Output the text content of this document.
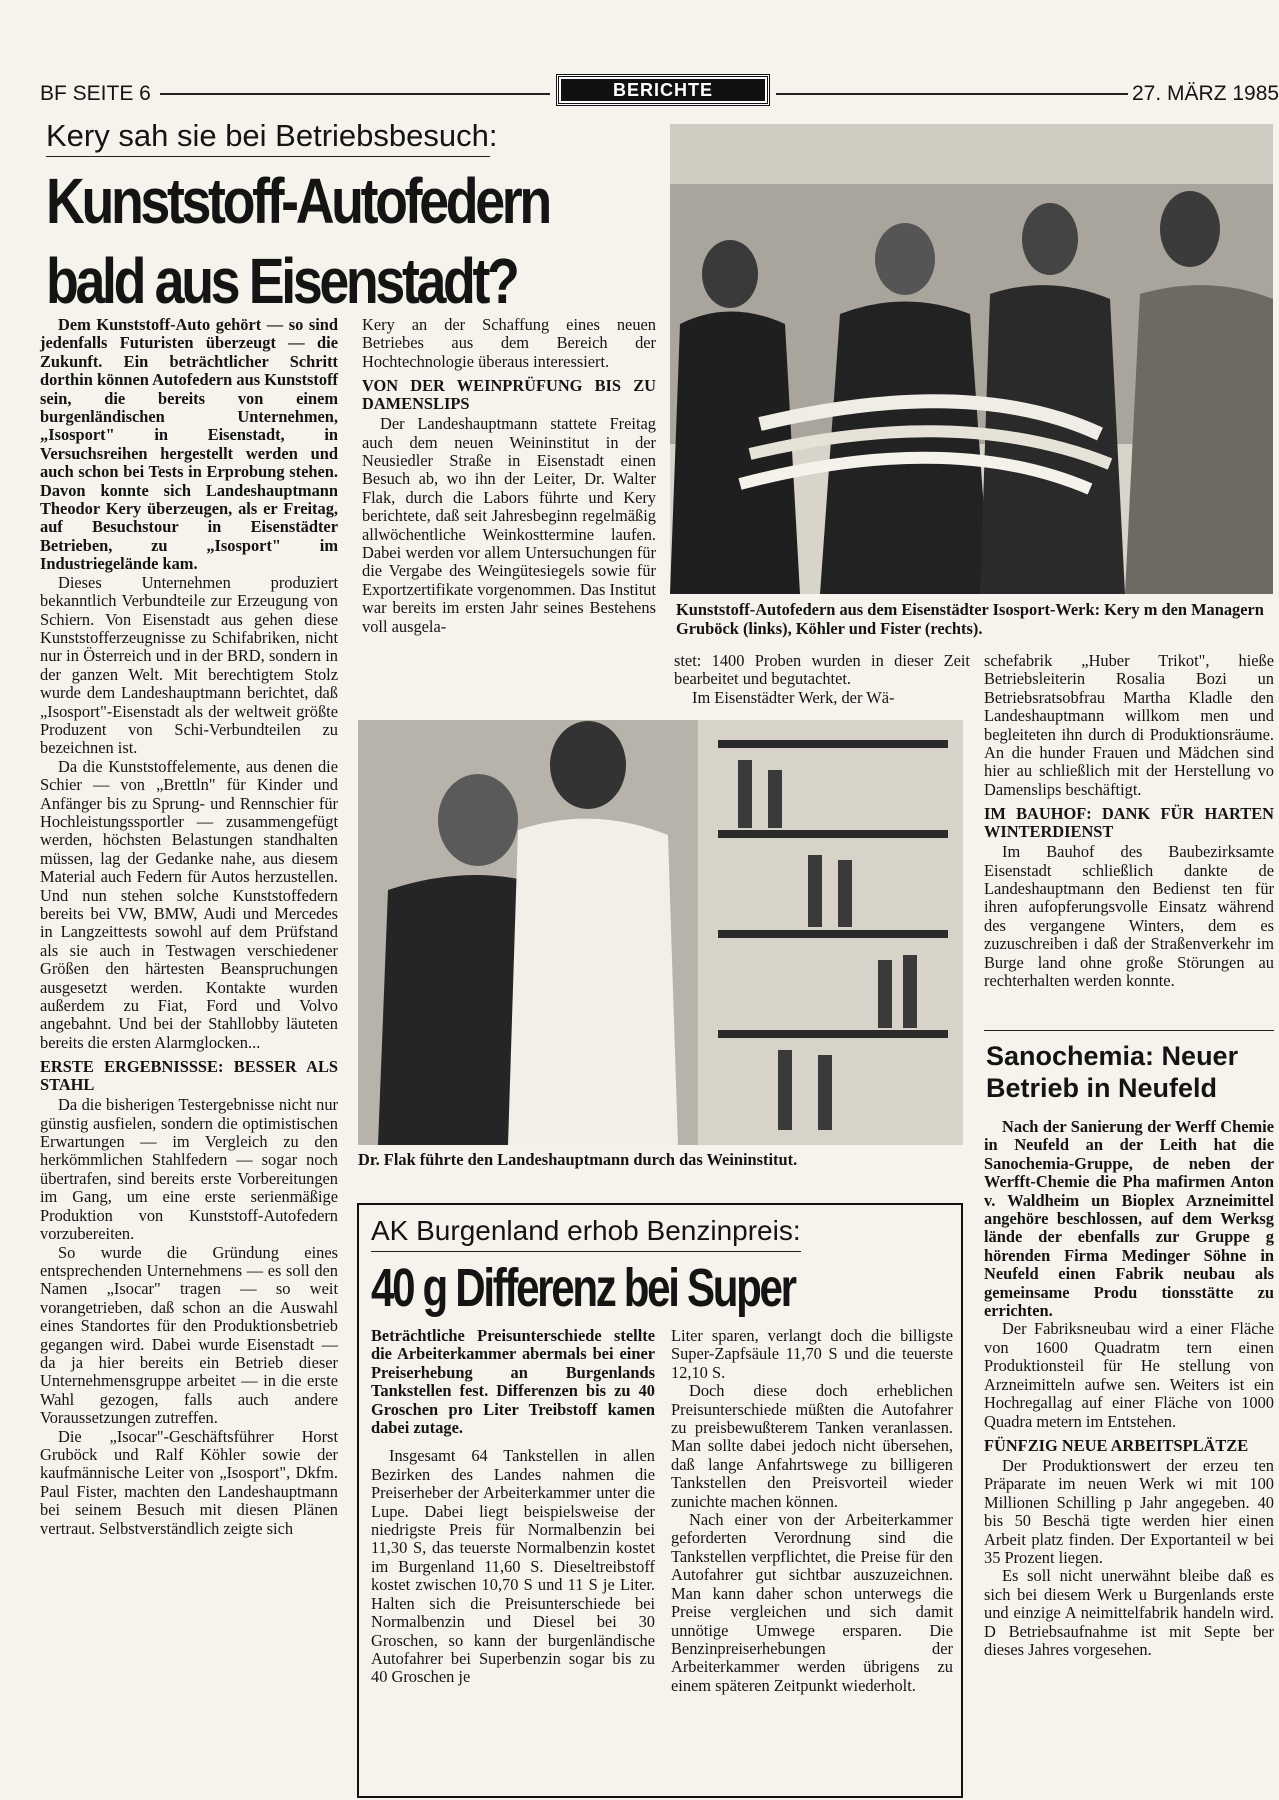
BF SEITE 6	BERICHTE	27. MÄRZ 1985
Kery sah sie bei Betriebsbesuch:
Kunststoff-Autofedern
bald aus Eisenstadt?

Dem Kunststoff-Auto gehört — so sind jedenfalls Futuristen überzeugt — die Zukunft. Ein beträchtlicher Schritt dorthin können Autofedern aus Kunststoff sein, die bereits von einem burgenländischen Unternehmen, „Isosport" in Eisenstadt, in Versuchsreihen hergestellt werden und auch schon bei Tests in Erprobung stehen. Davon konnte sich Landeshauptmann Theodor Kery überzeugen, als er Freitag, auf Besuchstour in Eisenstädter Betrieben, zu „Isosport" im Industriegelände kam.

Dieses Unternehmen produziert bekanntlich Verbundteile zur Erzeugung von Schiern. Von Eisenstadt aus gehen diese Kunststofferzeugnisse zu Schifabriken, nicht nur in Österreich und in der BRD, sondern in der ganzen Welt. Mit berechtigtem Stolz wurde dem Landeshauptmann berichtet, daß „Isosport"-Eisenstadt als der weltweit größte Produzent von Schi-Verbundteilen zu bezeichnen ist.

Da die Kunststoffelemente, aus denen die Schier — von „Brettln" für Kinder und Anfänger bis zu Sprung- und Rennschier für Hochleistungssportler — zusammengefügt werden, höchsten Belastungen standhalten müssen, lag der Gedanke nahe, aus diesem Material auch Federn für Autos herzustellen. Und nun stehen solche Kunststoffedern bereits bei VW, BMW, Audi und Mercedes in Langzeittests sowohl auf dem Prüfstand als sie auch in Testwagen verschiedener Größen den härtesten Beanspruchungen ausgesetzt werden. Kontakte wurden außerdem zu Fiat, Ford und Volvo angebahnt. Und bei der Stahllobby läuteten bereits die ersten Alarmglocken...

ERSTE ERGEBNISSSE: BESSER ALS STAHL

Da die bisherigen Testergebnisse nicht nur günstig ausfielen, sondern die optimistischen Erwartungen — im Vergleich zu den herkömmlichen Stahlfedern — sogar noch übertrafen, sind bereits erste Vorbereitungen im Gang, um eine erste serienmäßige Produktion von Kunststoff-Autofedern vorzubereiten.

So wurde die Gründung eines entsprechenden Unternehmens — es soll den Namen „Isocar" tragen — so weit vorangetrieben, daß schon an die Auswahl eines Standortes für den Produktionsbetrieb gegangen wird. Dabei wurde Eisenstadt — da ja hier bereits ein Betrieb dieser Unternehmensgruppe arbeitet — in die erste Wahl gezogen, falls auch andere Voraussetzungen zutreffen.

Die „Isocar"-Geschäftsführer Horst Gruböck und Ralf Köhler sowie der kaufmännische Leiter von „Isosport", Dkfm. Paul Fister, machten den Landeshauptmann bei seinem Besuch mit diesen Plänen vertraut. Selbstverständlich zeigte sich

Kery an der Schaffung eines neuen Betriebes aus dem Bereich der Hochtechnologie überaus interessiert.

VON DER WEINPRÜFUNG BIS ZU DAMENSLIPS

Der Landeshauptmann stattete Freitag auch dem neuen Weininstitut in der Neusiedler Straße in Eisenstadt einen Besuch ab, wo ihn der Leiter, Dr. Walter Flak, durch die Labors führte und Kery berichtete, daß seit Jahresbeginn regelmäßig allwöchentliche Weinkosttermine laufen. Dabei werden vor allem Untersuchungen für die Vergabe des Weingütesiegels sowie für Exportzertifikate vorgenommen. Das Institut war bereits im ersten Jahr seines Bestehens voll ausgela-

Kunststoff-Autofedern aus dem Eisenstädter Isosport-Werk: Kery m den Managern Gruböck (links), Köhler und Fister (rechts).

stet: 1400 Proben wurden in dieser Zeit bearbeitet und begutachtet.

Im Eisenstädter Werk, der Wä-

Dr. Flak führte den Landeshauptmann durch das Weininstitut.

schefabrik „Huber Trikot", hieße Betriebsleiterin Rosalia Bozi un Betriebsratsobfrau Martha Kladle den Landeshauptmann willkom men und begleiteten ihn durch di Produktionsräume. An die hunder Frauen und Mädchen sind hier au schließlich mit der Herstellung vo Damenslips beschäftigt.

IM BAUHOF: DANK FÜR HARTEN WINTERDIENST

Im Bauhof des Baubezirksamte Eisenstadt schließlich dankte de Landeshauptmann den Bedienst ten für ihren aufopferungsvolle Einsatz während des vergangene Winters, dem es zuzuschreiben i daß der Straßenverkehr im Burge land ohne große Störungen au rechterhalten werden konnte.

Sanochemia: Neuer Betrieb in Neufeld

Nach der Sanierung der Werff Chemie in Neufeld an der Leith hat die Sanochemia-Gruppe, de neben der Werfft-Chemie die Pha mafirmen Anton v. Waldheim un Bioplex Arzneimittel angehöre beschlossen, auf dem Werksg lände der ebenfalls zur Gruppe g hörenden Firma Medinger Söhne in Neufeld einen Fabrik neubau als gemeinsame Produ tionsstätte zu errichten.

Der Fabriksneubau wird a einer Fläche von 1600 Quadratm tern einen Produktionsteil für He stellung von Arzneimitteln aufwe sen. Weiters ist ein Hochregallag auf einer Fläche von 1000 Quadra metern im Entstehen.

FÜNFZIG NEUE ARBEITSPLÄTZE

Der Produktionswert der erzeu ten Präparate im neuen Werk wi mit 100 Millionen Schilling p Jahr angegeben. 40 bis 50 Beschä tigte werden hier einen Arbeit platz finden. Der Exportanteil w bei 35 Prozent liegen.

Es soll nicht unerwähnt bleibe daß es sich bei diesem Werk u Burgenlands erste und einzige A neimittelfabrik handeln wird. D Betriebsaufnahme ist mit Septe ber dieses Jahres vorgesehen.

AK Burgenland erhob Benzinpreis:
40 g Differenz bei Super

Beträchtliche Preisunterschiede stellte die Arbeiterkammer abermals bei einer Preiserhebung an Burgenlands Tankstellen fest. Differenzen bis zu 40 Groschen pro Liter Treibstoff kamen dabei zutage.

Insgesamt 64 Tankstellen in allen Bezirken des Landes nahmen die Preiserheber der Arbeiterkammer unter die Lupe. Dabei liegt beispielsweise der niedrigste Preis für Normalbenzin bei 11,30 S, das teuerste Normalbenzin kostet im Burgenland 11,60 S. Dieseltreibstoff kostet zwischen 10,70 S und 11 S je Liter. Halten sich die Preisunterschiede bei Normalbenzin und Diesel bei 30 Groschen, so kann der burgenländische Autofahrer bei Superbenzin sogar bis zu 40 Groschen je

Liter sparen, verlangt doch die billigste Super-Zapfsäule 11,70 S und die teuerste 12,10 S.

Doch diese doch erheblichen Preisunterschiede müßten die Autofahrer zu preisbewußterem Tanken veranlassen. Man sollte dabei jedoch nicht übersehen, daß lange Anfahrtswege zu billigeren Tankstellen den Preisvorteil wieder zunichte machen können.

Nach einer von der Arbeiterkammer geforderten Verordnung sind die Tankstellen verpflichtet, die Preise für den Autofahrer gut sichtbar auszuzeichnen. Man kann daher schon unterwegs die Preise vergleichen und sich damit unnötige Umwege ersparen. Die Benzinpreiserhebungen der Arbeiterkammer werden übrigens zu einem späteren Zeitpunkt wiederholt.
